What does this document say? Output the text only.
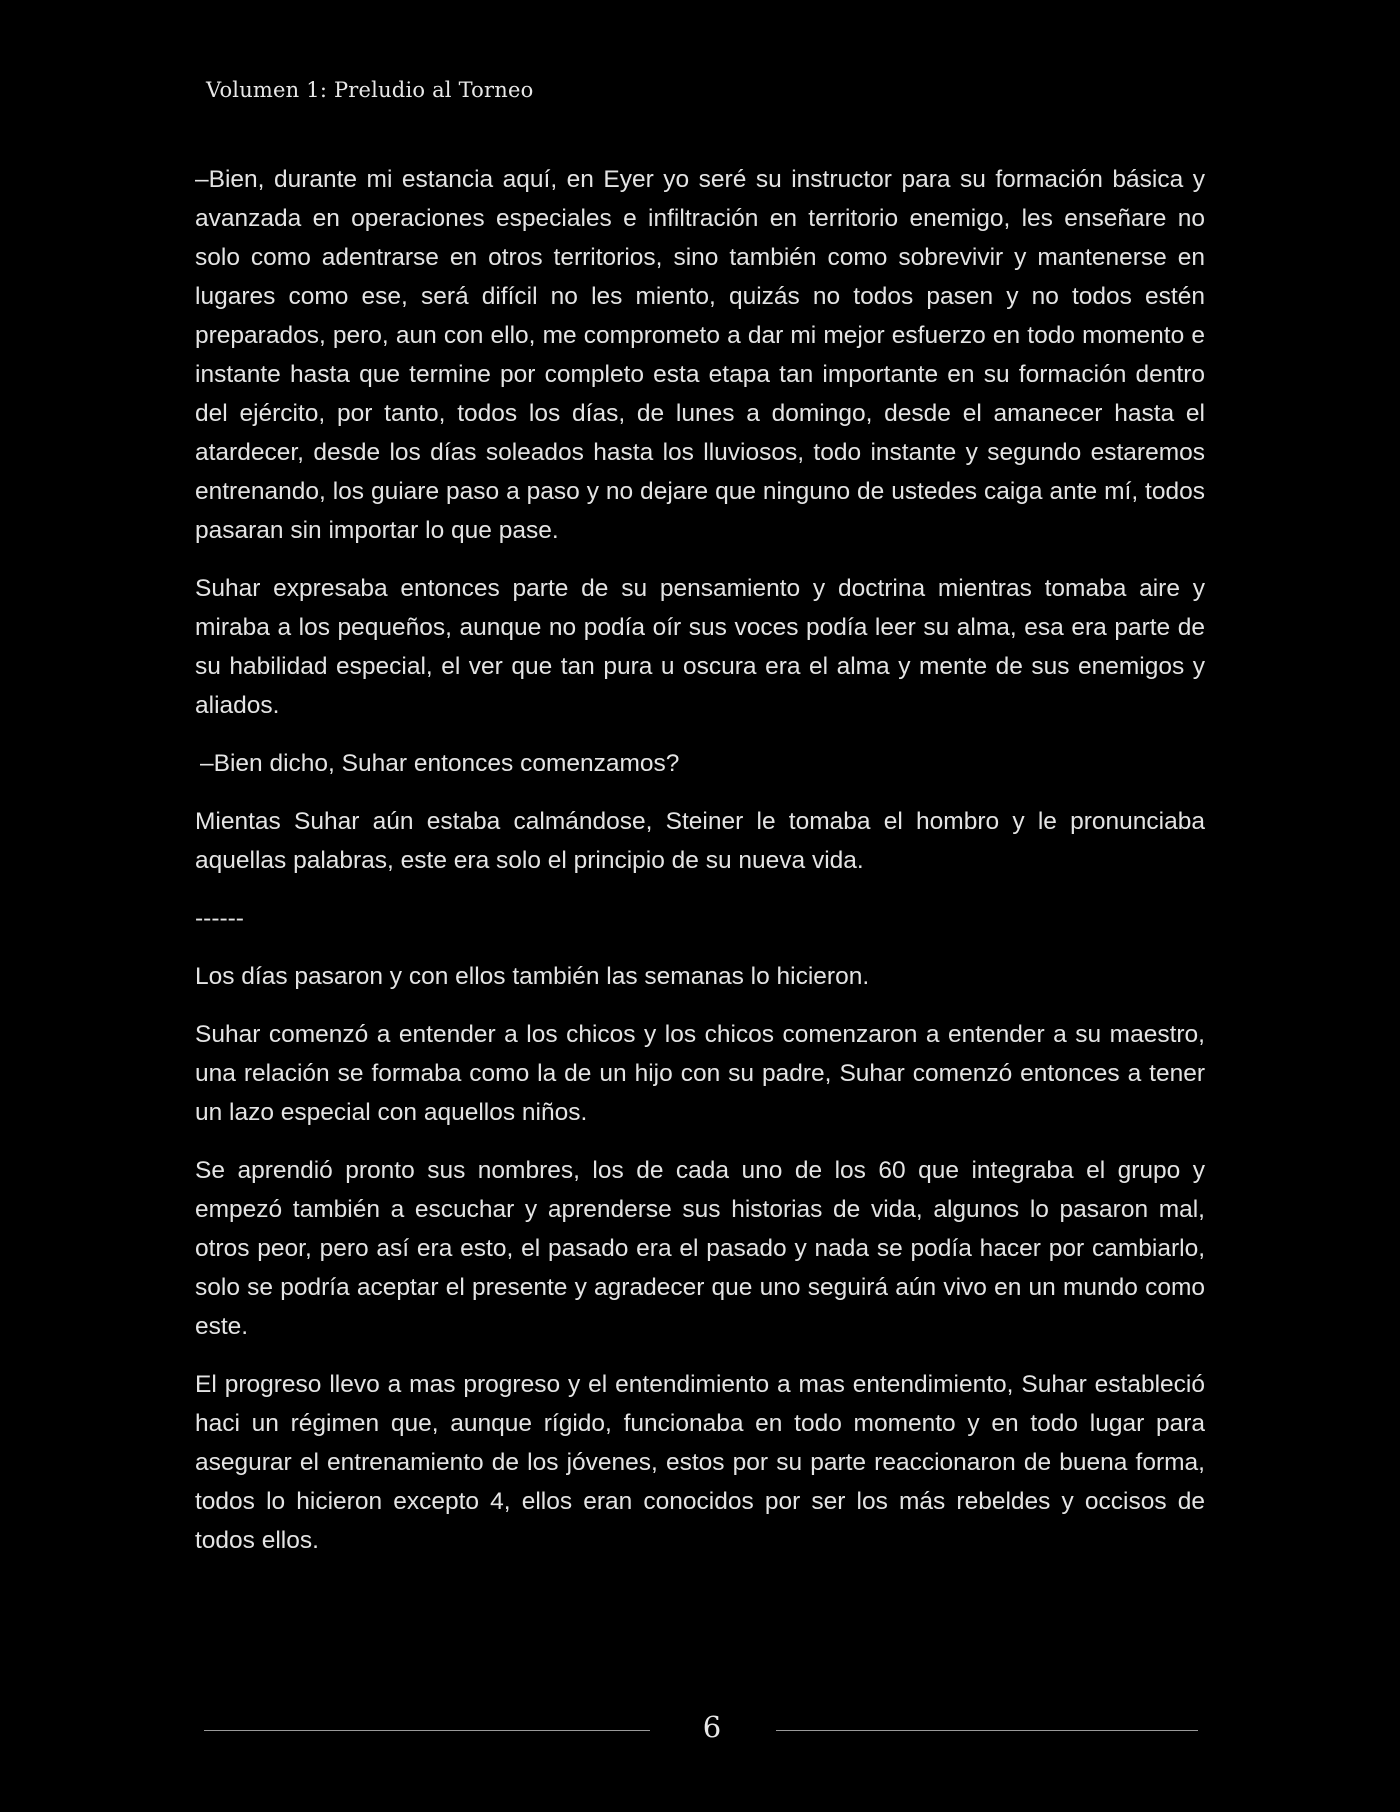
Volumen 1: Preludio al Torneo

–Bien, durante mi estancia aquí, en Eyer yo seré su instructor para su formación básica y avanzada en operaciones especiales e infiltración en territorio enemigo, les enseñare no solo como adentrarse en otros territorios, sino también como sobrevivir y mantenerse en lugares como ese, será difícil no les miento, quizás no todos pasen y no todos estén preparados, pero, aun con ello, me comprometo a dar mi mejor esfuerzo en todo momento e instante hasta que termine por completo esta etapa tan importante en su formación dentro del ejército, por tanto, todos los días, de lunes a domingo, desde el amanecer hasta el atardecer, desde los días soleados hasta los lluviosos, todo instante y segundo estaremos entrenando, los guiare paso a paso y no dejare que ninguno de ustedes caiga ante mí, todos pasaran sin importar lo que pase.

Suhar expresaba entonces parte de su pensamiento y doctrina mientras tomaba aire y miraba a los pequeños, aunque no podía oír sus voces podía leer su alma, esa era parte de su habilidad especial, el ver que tan pura u oscura era el alma y mente de sus enemigos y aliados.

–Bien dicho, Suhar entonces comenzamos?

Mientas Suhar aún estaba calmándose, Steiner le tomaba el hombro y le pronunciaba aquellas palabras, este era solo el principio de su nueva vida.

------

Los días pasaron y con ellos también las semanas lo hicieron.

Suhar comenzó a entender a los chicos y los chicos comenzaron a entender a su maestro, una relación se formaba como la de un hijo con su padre, Suhar comenzó entonces a tener un lazo especial con aquellos niños.

Se aprendió pronto sus nombres, los de cada uno de los 60 que integraba el grupo y empezó también a escuchar y aprenderse sus historias de vida, algunos lo pasaron mal, otros peor, pero así era esto, el pasado era el pasado y nada se podía hacer por cambiarlo, solo se podría aceptar el presente y agradecer que uno seguirá aún vivo en un mundo como este.

El progreso llevo a mas progreso y el entendimiento a mas entendimiento, Suhar estableció haci un régimen que, aunque rígido, funcionaba en todo momento y en todo lugar para asegurar el entrenamiento de los jóvenes, estos por su parte reaccionaron de buena forma, todos lo hicieron excepto 4, ellos eran conocidos por ser los más rebeldes y occisos de todos ellos.

6
